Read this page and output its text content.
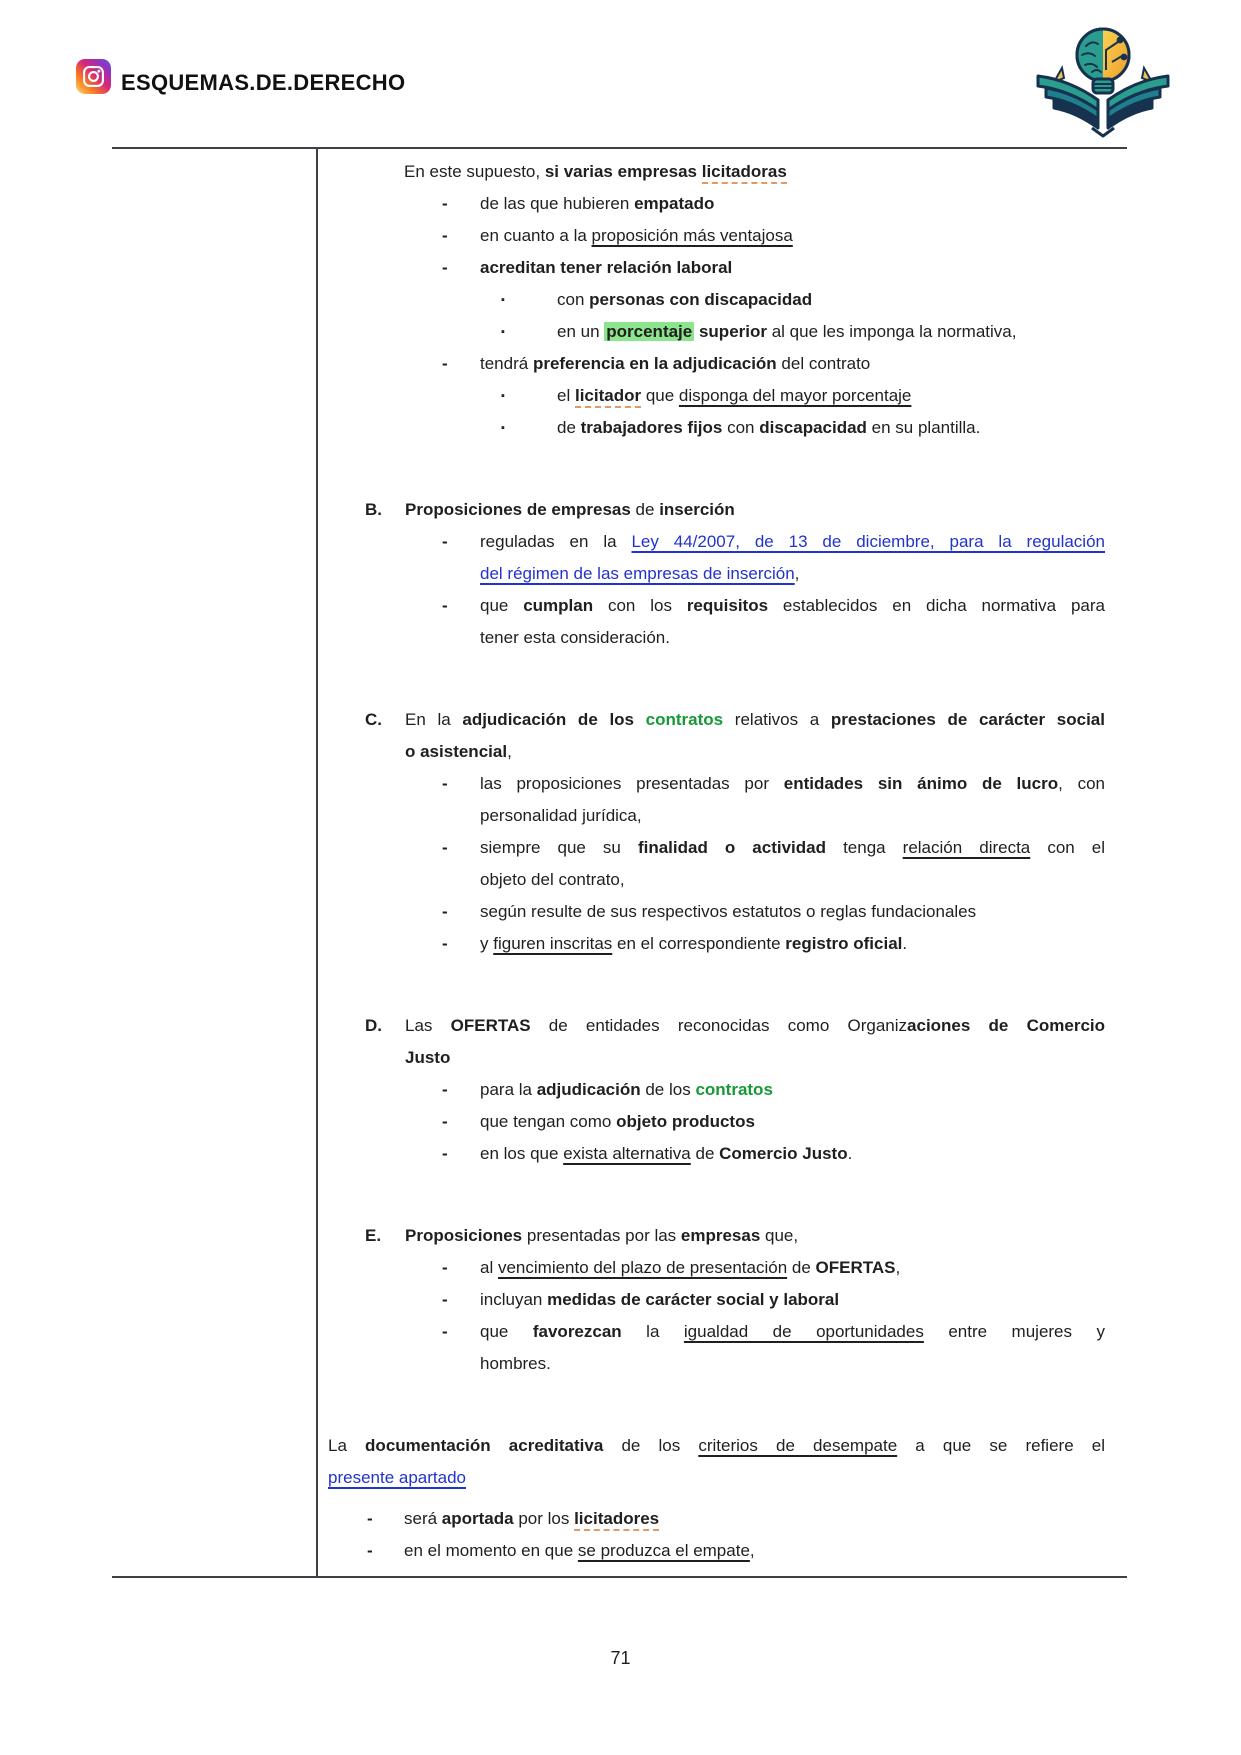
ESQUEMAS.DE.DERECHO
En este supuesto, si varias empresas licitadoras
-	de las que hubieren empatado
-	en cuanto a la proposición más ventajosa
-	acreditan tener relación laboral
▪	con personas con discapacidad
▪	en un porcentaje superior al que les imponga la normativa,
-	tendrá preferencia en la adjudicación del contrato
▪	el licitador que disponga del mayor porcentaje
▪	de trabajadores fijos con discapacidad en su plantilla.
B.	Proposiciones de empresas de inserción
-	reguladas en la Ley 44/2007, de 13 de diciembre, para la regulación
del régimen de las empresas de inserción,
-	que cumplan con los requisitos establecidos en dicha normativa para
tener esta consideración.
C.	En la adjudicación de los contratos relativos a prestaciones de carácter social
o asistencial,
-	las proposiciones presentadas por entidades sin ánimo de lucro, con
personalidad jurídica,
-	siempre que su finalidad o actividad tenga relación directa con el
objeto del contrato,
-	según resulte de sus respectivos estatutos o reglas fundacionales
-	y figuren inscritas en el correspondiente registro oficial.
D.	Las OFERTAS de entidades reconocidas como Organizaciones de Comercio
Justo
-	para la adjudicación de los contratos
-	que tengan como objeto productos
-	en los que exista alternativa de Comercio Justo.
E.	Proposiciones presentadas por las empresas que,
-	al vencimiento del plazo de presentación de OFERTAS,
-	incluyan medidas de carácter social y laboral
-	que favorezcan la igualdad de oportunidades entre mujeres y
hombres.
La documentación acreditativa de los criterios de desempate a que se refiere el
presente apartado
-	será aportada por los licitadores
-	en el momento en que se produzca el empate,
71
